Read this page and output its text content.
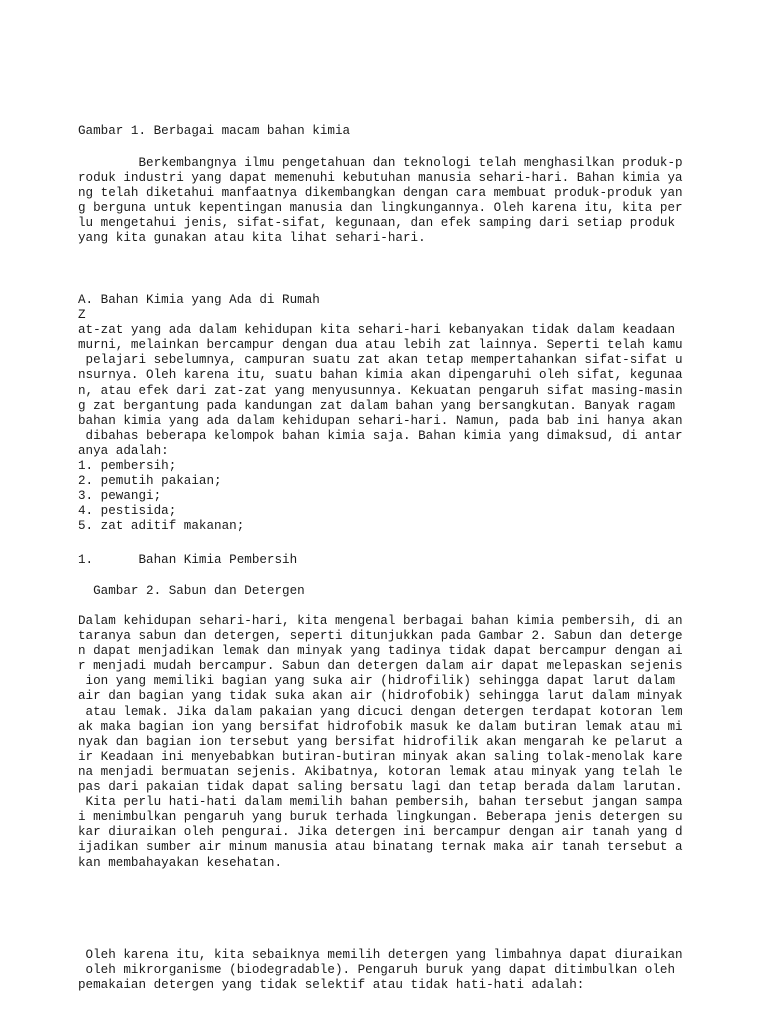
Gambar 1. Berbagai macam bahan kimia

Berkembangnya ilmu pengetahuan dan teknologi telah menghasilkan produk-p
roduk industri yang dapat memenuhi kebutuhan manusia sehari-hari. Bahan kimia ya
ng telah diketahui manfaatnya dikembangkan dengan cara membuat produk-produk yan
g berguna untuk kepentingan manusia dan lingkungannya. Oleh karena itu, kita per
lu mengetahui jenis, sifat-sifat, kegunaan, dan efek samping dari setiap produk
yang kita gunakan atau kita lihat sehari-hari.
A. Bahan Kimia yang Ada di Rumah
Z
at-zat yang ada dalam kehidupan kita sehari-hari kebanyakan tidak dalam keadaan
murni, melainkan bercampur dengan dua atau lebih zat lainnya. Seperti telah kamu
pelajari sebelumnya, campuran suatu zat akan tetap mempertahankan sifat-sifat u
nsurnya. Oleh karena itu, suatu bahan kimia akan dipengaruhi oleh sifat, kegunaa
n, atau efek dari zat-zat yang menyusunnya. Kekuatan pengaruh sifat masing-masin
g zat bergantung pada kandungan zat dalam bahan yang bersangkutan. Banyak ragam
bahan kimia yang ada dalam kehidupan sehari-hari. Namun, pada bab ini hanya akan
dibahas beberapa kelompok bahan kimia saja. Bahan kimia yang dimaksud, di antar
anya adalah:
1. pembersih;
2. pemutih pakaian;
3. pewangi;
4. pestisida;
5. zat aditif makanan;

1.      Bahan Kimia Pembersih

Gambar 2. Sabun dan Detergen

Dalam kehidupan sehari-hari, kita mengenal berbagai bahan kimia pembersih, di an
taranya sabun dan detergen, seperti ditunjukkan pada Gambar 2. Sabun dan deterge
n dapat menjadikan lemak dan minyak yang tadinya tidak dapat bercampur dengan ai
r menjadi mudah bercampur. Sabun dan detergen dalam air dapat melepaskan sejenis
ion yang memiliki bagian yang suka air (hidrofilik) sehingga dapat larut dalam
air dan bagian yang tidak suka akan air (hidrofobik) sehingga larut dalam minyak
atau lemak. Jika dalam pakaian yang dicuci dengan detergen terdapat kotoran lem
ak maka bagian ion yang bersifat hidrofobik masuk ke dalam butiran lemak atau mi
nyak dan bagian ion tersebut yang bersifat hidrofilik akan mengarah ke pelarut a
ir Keadaan ini menyebabkan butiran-butiran minyak akan saling tolak-menolak kare
na menjadi bermuatan sejenis. Akibatnya, kotoran lemak atau minyak yang telah le
pas dari pakaian tidak dapat saling bersatu lagi dan tetap berada dalam larutan.
Kita perlu hati-hati dalam memilih bahan pembersih, bahan tersebut jangan sampa
i menimbulkan pengaruh yang buruk terhada lingkungan. Beberapa jenis detergen su
kar diuraikan oleh pengurai. Jika detergen ini bercampur dengan air tanah yang d
ijadikan sumber air minum manusia atau binatang ternak maka air tanah tersebut a
kan membahayakan kesehatan.
Oleh karena itu, kita sebaiknya memilih detergen yang limbahnya dapat diuraikan
oleh mikrorganisme (biodegradable). Pengaruh buruk yang dapat ditimbulkan oleh
pemakaian detergen yang tidak selektif atau tidak hati-hati adalah:
